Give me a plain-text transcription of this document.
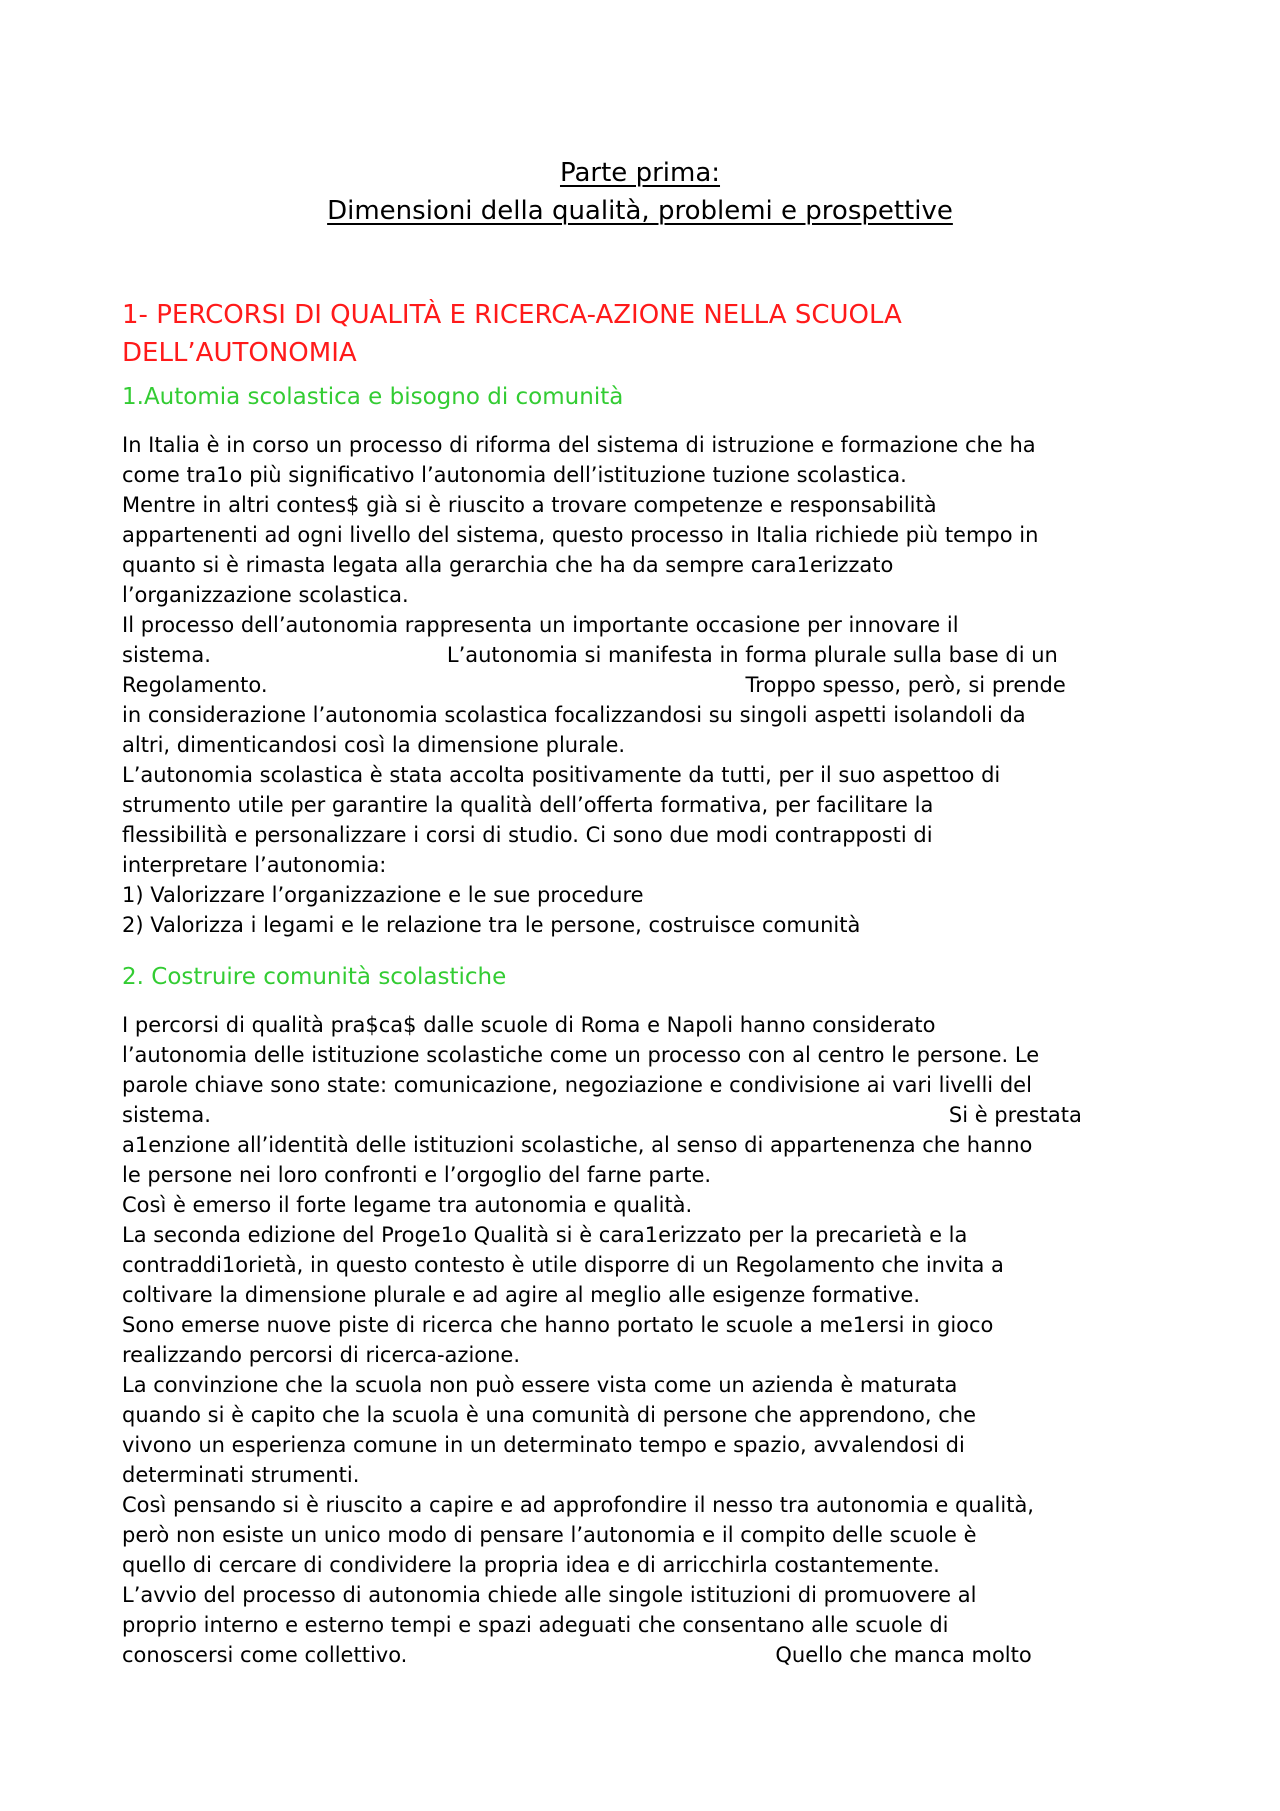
Parte prima:
Dimensioni della qualità, problemi e prospettive
1- PERCORSI DI QUALITÀ E RICERCA-AZIONE NELLA SCUOLA
DELL’AUTONOMIA
1.Automia scolastica e bisogno di comunità

In Italia è in corso un processo di riforma del sistema di istruzione e formazione che ha
come tra1o più significativo l’autonomia dell’istituzione tuzione scolastica.
Mentre in altri contes$ già si è riuscito a trovare competenze e responsabilità
appartenenti ad ogni livello del sistema, questo processo in Italia richiede più tempo in
quanto si è rimasta legata alla gerarchia che ha da sempre cara1erizzato
l’organizzazione scolastica.
Il processo dell’autonomia rappresenta un importante occasione per innovare il
sistema.	L’autonomia si manifesta in forma plurale sulla base di un
Regolamento.	Troppo spesso, però, si prende
in considerazione l’autonomia scolastica focalizzandosi su singoli aspetti isolandoli da
altri, dimenticandosi così la dimensione plurale.
L’autonomia scolastica è stata accolta positivamente da tutti, per il suo aspettoo di
strumento utile per garantire la qualità dell’offerta formativa, per facilitare la
flessibilità e personalizzare i corsi di studio. Ci sono due modi contrapposti di
interpretare l’autonomia:
1) Valorizzare l’organizzazione e le sue procedure
2) Valorizza i legami e le relazione tra le persone, costruisce comunità

2. Costruire comunità scolastiche

I percorsi di qualità pra$ca$ dalle scuole di Roma e Napoli hanno considerato
l’autonomia delle istituzione scolastiche come un processo con al centro le persone. Le
parole chiave sono state: comunicazione, negoziazione e condivisione ai vari livelli del
sistema.	Si è prestata
a1enzione all’identità delle istituzioni scolastiche, al senso di appartenenza che hanno
le persone nei loro confronti e l’orgoglio del farne parte.
Così è emerso il forte legame tra autonomia e qualità.
La seconda edizione del Proge1o Qualità si è cara1erizzato per la precarietà e la
contraddi1orietà, in questo contesto è utile disporre di un Regolamento che invita a
coltivare la dimensione plurale e ad agire al meglio alle esigenze formative.
Sono emerse nuove piste di ricerca che hanno portato le scuole a me1ersi in gioco
realizzando percorsi di ricerca-azione.
La convinzione che la scuola non può essere vista come un azienda è maturata
quando si è capito che la scuola è una comunità di persone che apprendono, che
vivono un esperienza comune in un determinato tempo e spazio, avvalendosi di
determinati strumenti.
Così pensando si è riuscito a capire e ad approfondire il nesso tra autonomia e qualità,
però non esiste un unico modo di pensare l’autonomia e il compito delle scuole è
quello di cercare di condividere la propria idea e di arricchirla costantemente.
L’avvio del processo di autonomia chiede alle singole istituzioni di promuovere al
proprio interno e esterno tempi e spazi adeguati che consentano alle scuole di
conoscersi come collettivo.	Quello che manca molto
